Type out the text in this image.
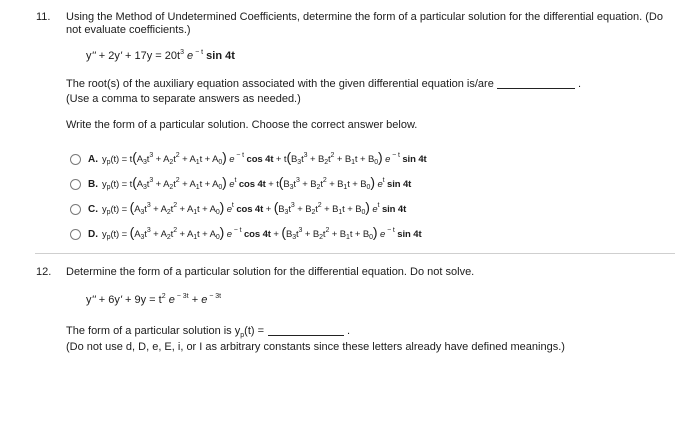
11. Using the Method of Undetermined Coefficients, determine the form of a particular solution for the differential equation. (Do
not evaluate coefficients.)
$y'' + 2y' + 17y = 20t^3$ e $^{- t}$ sin 4t
The root(s) of the auxiliary equation associated with the given differential equation is/are	.
(Use a comma to separate answers as needed.)
Write the form of a particular solution. Choose the correct answer below.
A. $y_p(t) = t(A_3t^3 + A_2t^2 + A_1t + A_0)$ e $^{- t}$ $\cos 4t + t(B_3t^3 + B_2t^2 + B_1t + B_0)$ e $^{- t}$ sin 4t
B. $y_p(t) = t(A_3t^3 + A_2t^2 + A_1t + A_0)$ $e^t$ $\cos 4t + t(B_3t^3 + B_2t^2 + B_1t + B_0)$ $e^t$ sin 4t
C. $y_p(t) = (A_3t^3 + A_2t^2 + A_1t + A_0)$ $e^t$ $\cos 4t + (B_3t^3 + B_2t^2 + B_1t + B_0)$ $e^t$ sin 4t
D. $y_p(t) = (A_3t^3 + A_2t^2 + A_1t + A_0)$ e $^{- t}$ $\cos 4t + (B_3t^3 + B_2t^2 + B_1t + B_0)$ e $^{- t}$ sin 4t
12. Determine the form of a particular solution for the differential equation. Do not solve.
$y'' + 6y' + 9y = t^2$ e $^{- 3t}$ + e $^{- 3t}$
The form of a particular solution is $y_p(t)$ =	.
(Do not use d, D, e, E, i, or I as arbitrary constants since these letters already have defined meanings.)
